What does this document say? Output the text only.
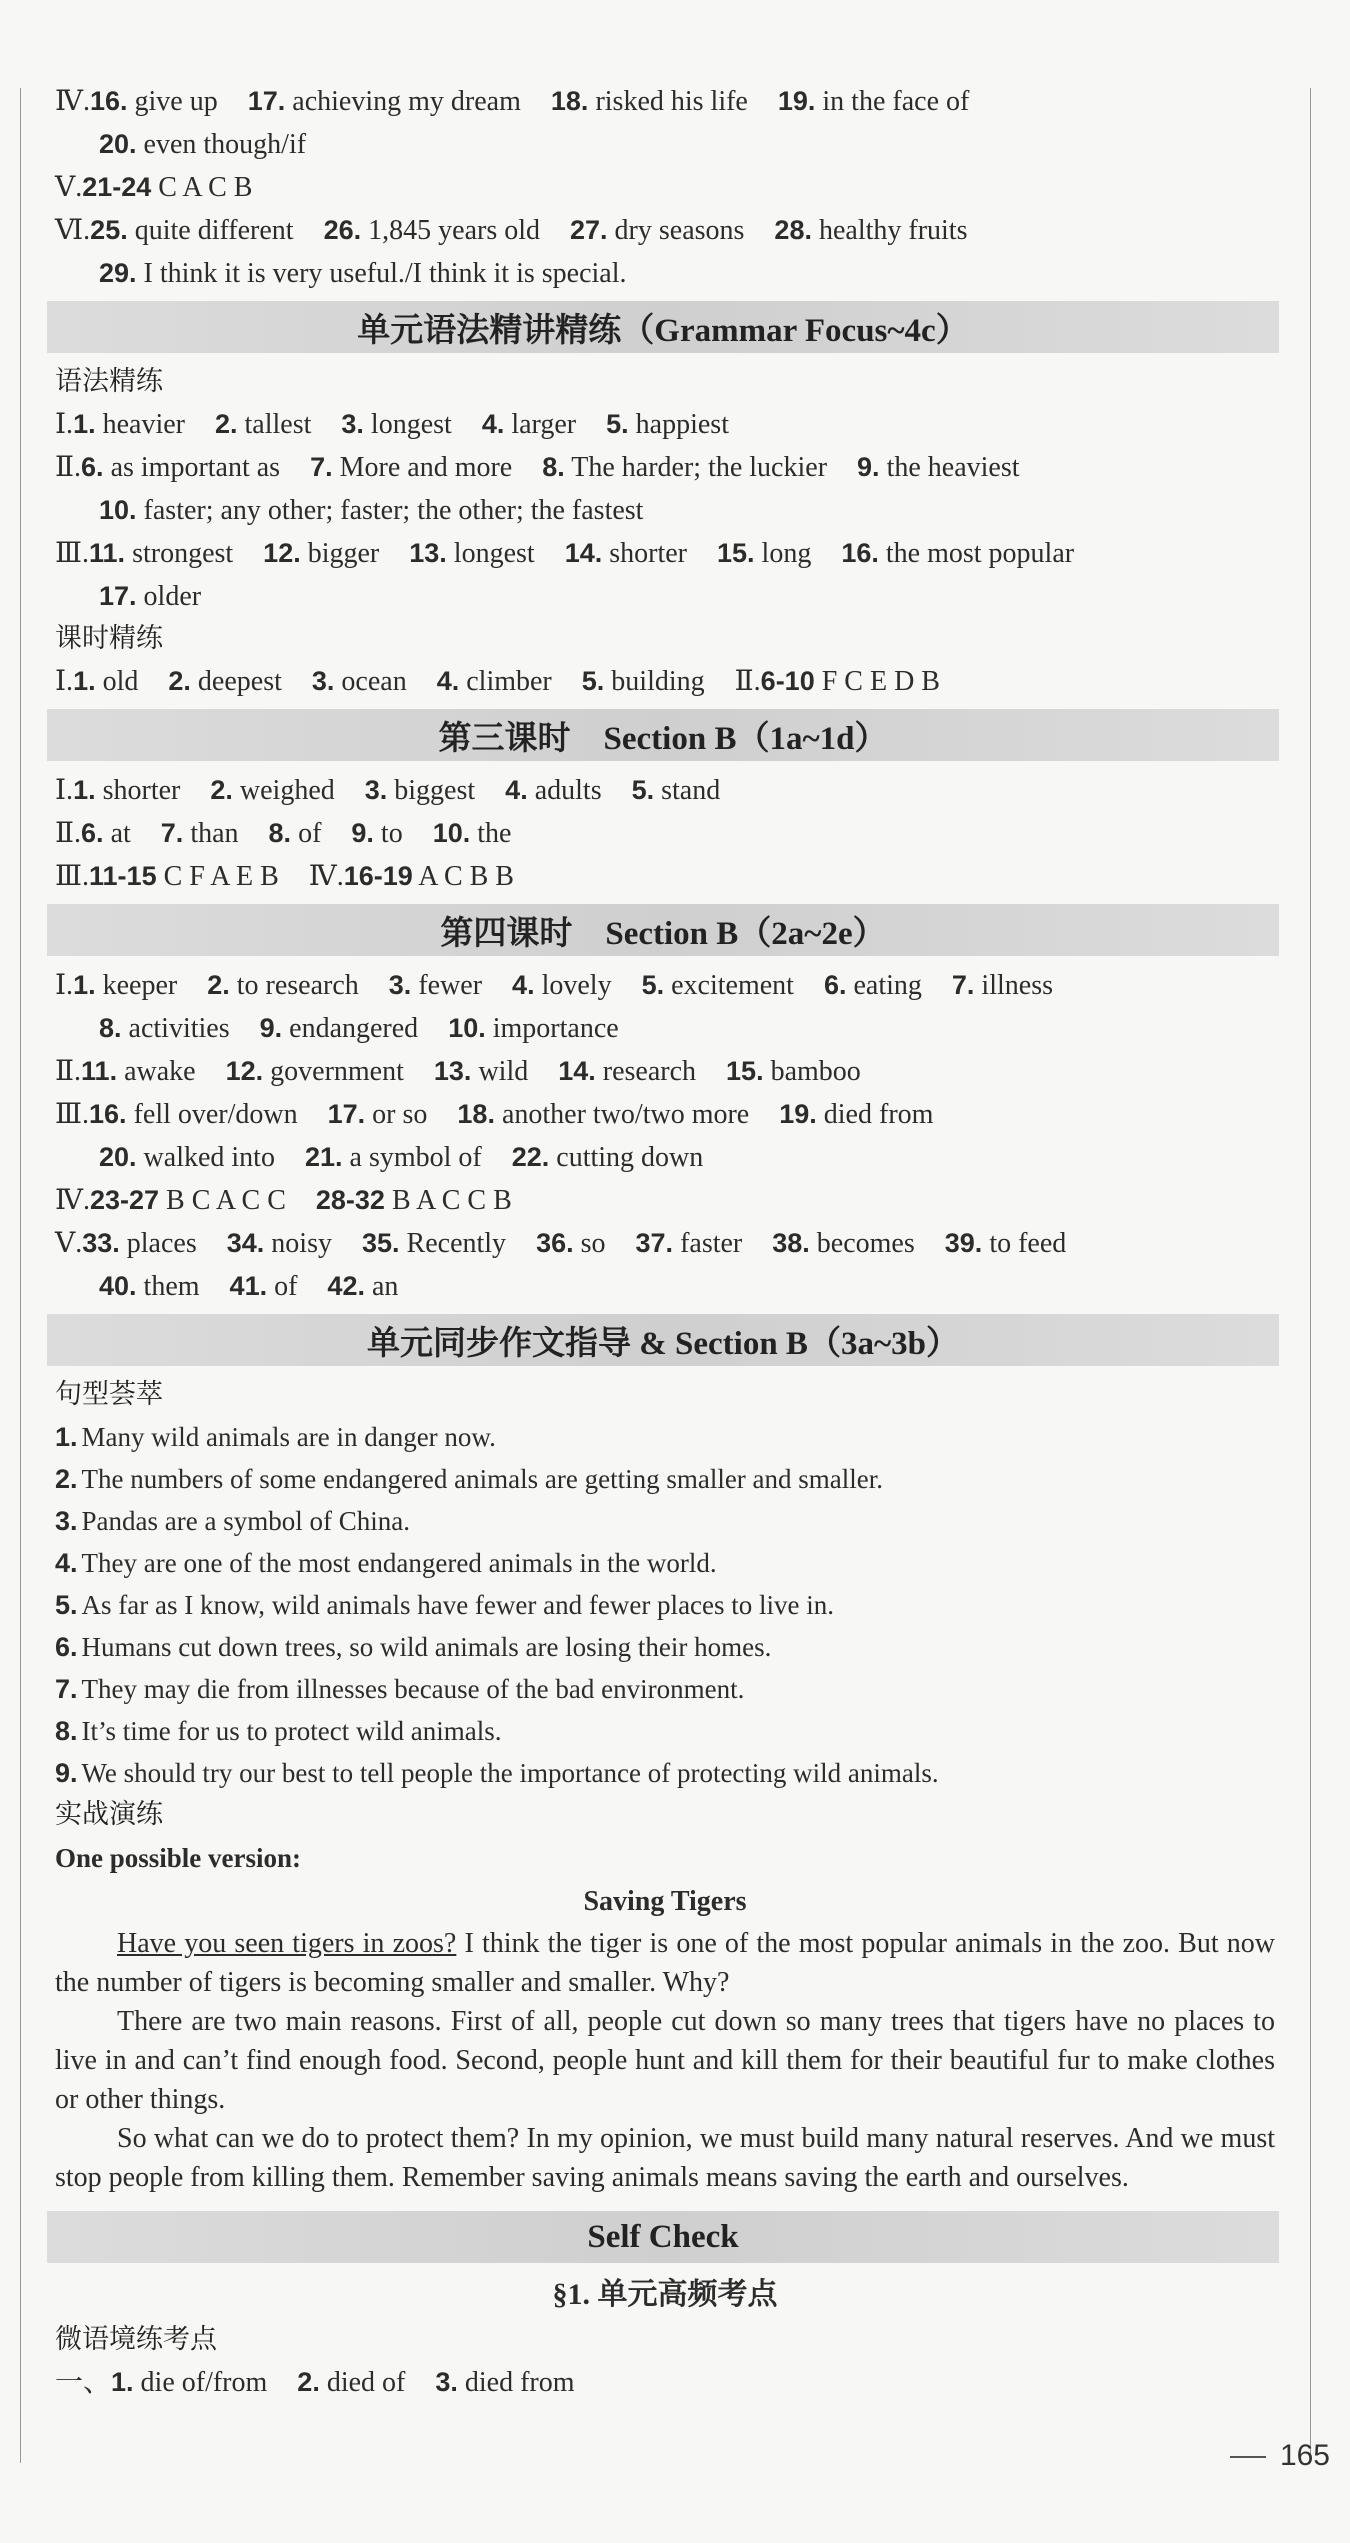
Ⅳ.16. give up 17. achieving my dream 18. risked his life 19. in the face of
20. even though/if
Ⅴ.21-24 C A C B
Ⅵ.25. quite different 26. 1,845 years old 27. dry seasons 28. healthy fruits
29. I think it is very useful./I think it is special.
单元语法精讲精练（Grammar Focus~4c）
语法精练
Ⅰ.1. heavier 2. tallest 3. longest 4. larger 5. happiest
Ⅱ.6. as important as 7. More and more 8. The harder; the luckier 9. the heaviest
10. faster; any other; faster; the other; the fastest
Ⅲ.11. strongest 12. bigger 13. longest 14. shorter 15. long 16. the most popular
17. older
课时精练
Ⅰ.1. old 2. deepest 3. ocean 4. climber 5. building Ⅱ.6-10 F C E D B
第三课时　Section B（1a~1d）
Ⅰ.1. shorter 2. weighed 3. biggest 4. adults 5. stand
Ⅱ.6. at 7. than 8. of 9. to 10. the
Ⅲ.11-15 C F A E B Ⅳ.16-19 A C B B
第四课时　Section B（2a~2e）
Ⅰ.1. keeper 2. to research 3. fewer 4. lovely 5. excitement 6. eating 7. illness
8. activities 9. endangered 10. importance
Ⅱ.11. awake 12. government 13. wild 14. research 15. bamboo
Ⅲ.16. fell over/down 17. or so 18. another two/two more 19. died from
20. walked into 21. a symbol of 22. cutting down
Ⅳ.23-27 B C A C C 28-32 B A C C B
Ⅴ.33. places 34. noisy 35. Recently 36. so 37. faster 38. becomes 39. to feed
40. them 41. of 42. an
单元同步作文指导 & Section B（3a~3b）
句型荟萃
1. Many wild animals are in danger now.
2. The numbers of some endangered animals are getting smaller and smaller.
3. Pandas are a symbol of China.
4. They are one of the most endangered animals in the world.
5. As far as I know, wild animals have fewer and fewer places to live in.
6. Humans cut down trees, so wild animals are losing their homes.
7. They may die from illnesses because of the bad environment.
8. It’s time for us to protect wild animals.
9. We should try our best to tell people the importance of protecting wild animals.
实战演练
One possible version:
Saving Tigers
Have you seen tigers in zoos? I think the tiger is one of the most popular animals in the zoo. But now the number of tigers is becoming smaller and smaller. Why?
There are two main reasons. First of all, people cut down so many trees that tigers have no places to live in and can’t find enough food. Second, people hunt and kill them for their beautiful fur to make clothes or other things.
So what can we do to protect them? In my opinion, we must build many natural reserves. And we must stop people from killing them. Remember saving animals means saving the earth and ourselves.
Self Check
§1. 单元高频考点
微语境练考点
一、1. die of/from 2. died of 3. died from
165
